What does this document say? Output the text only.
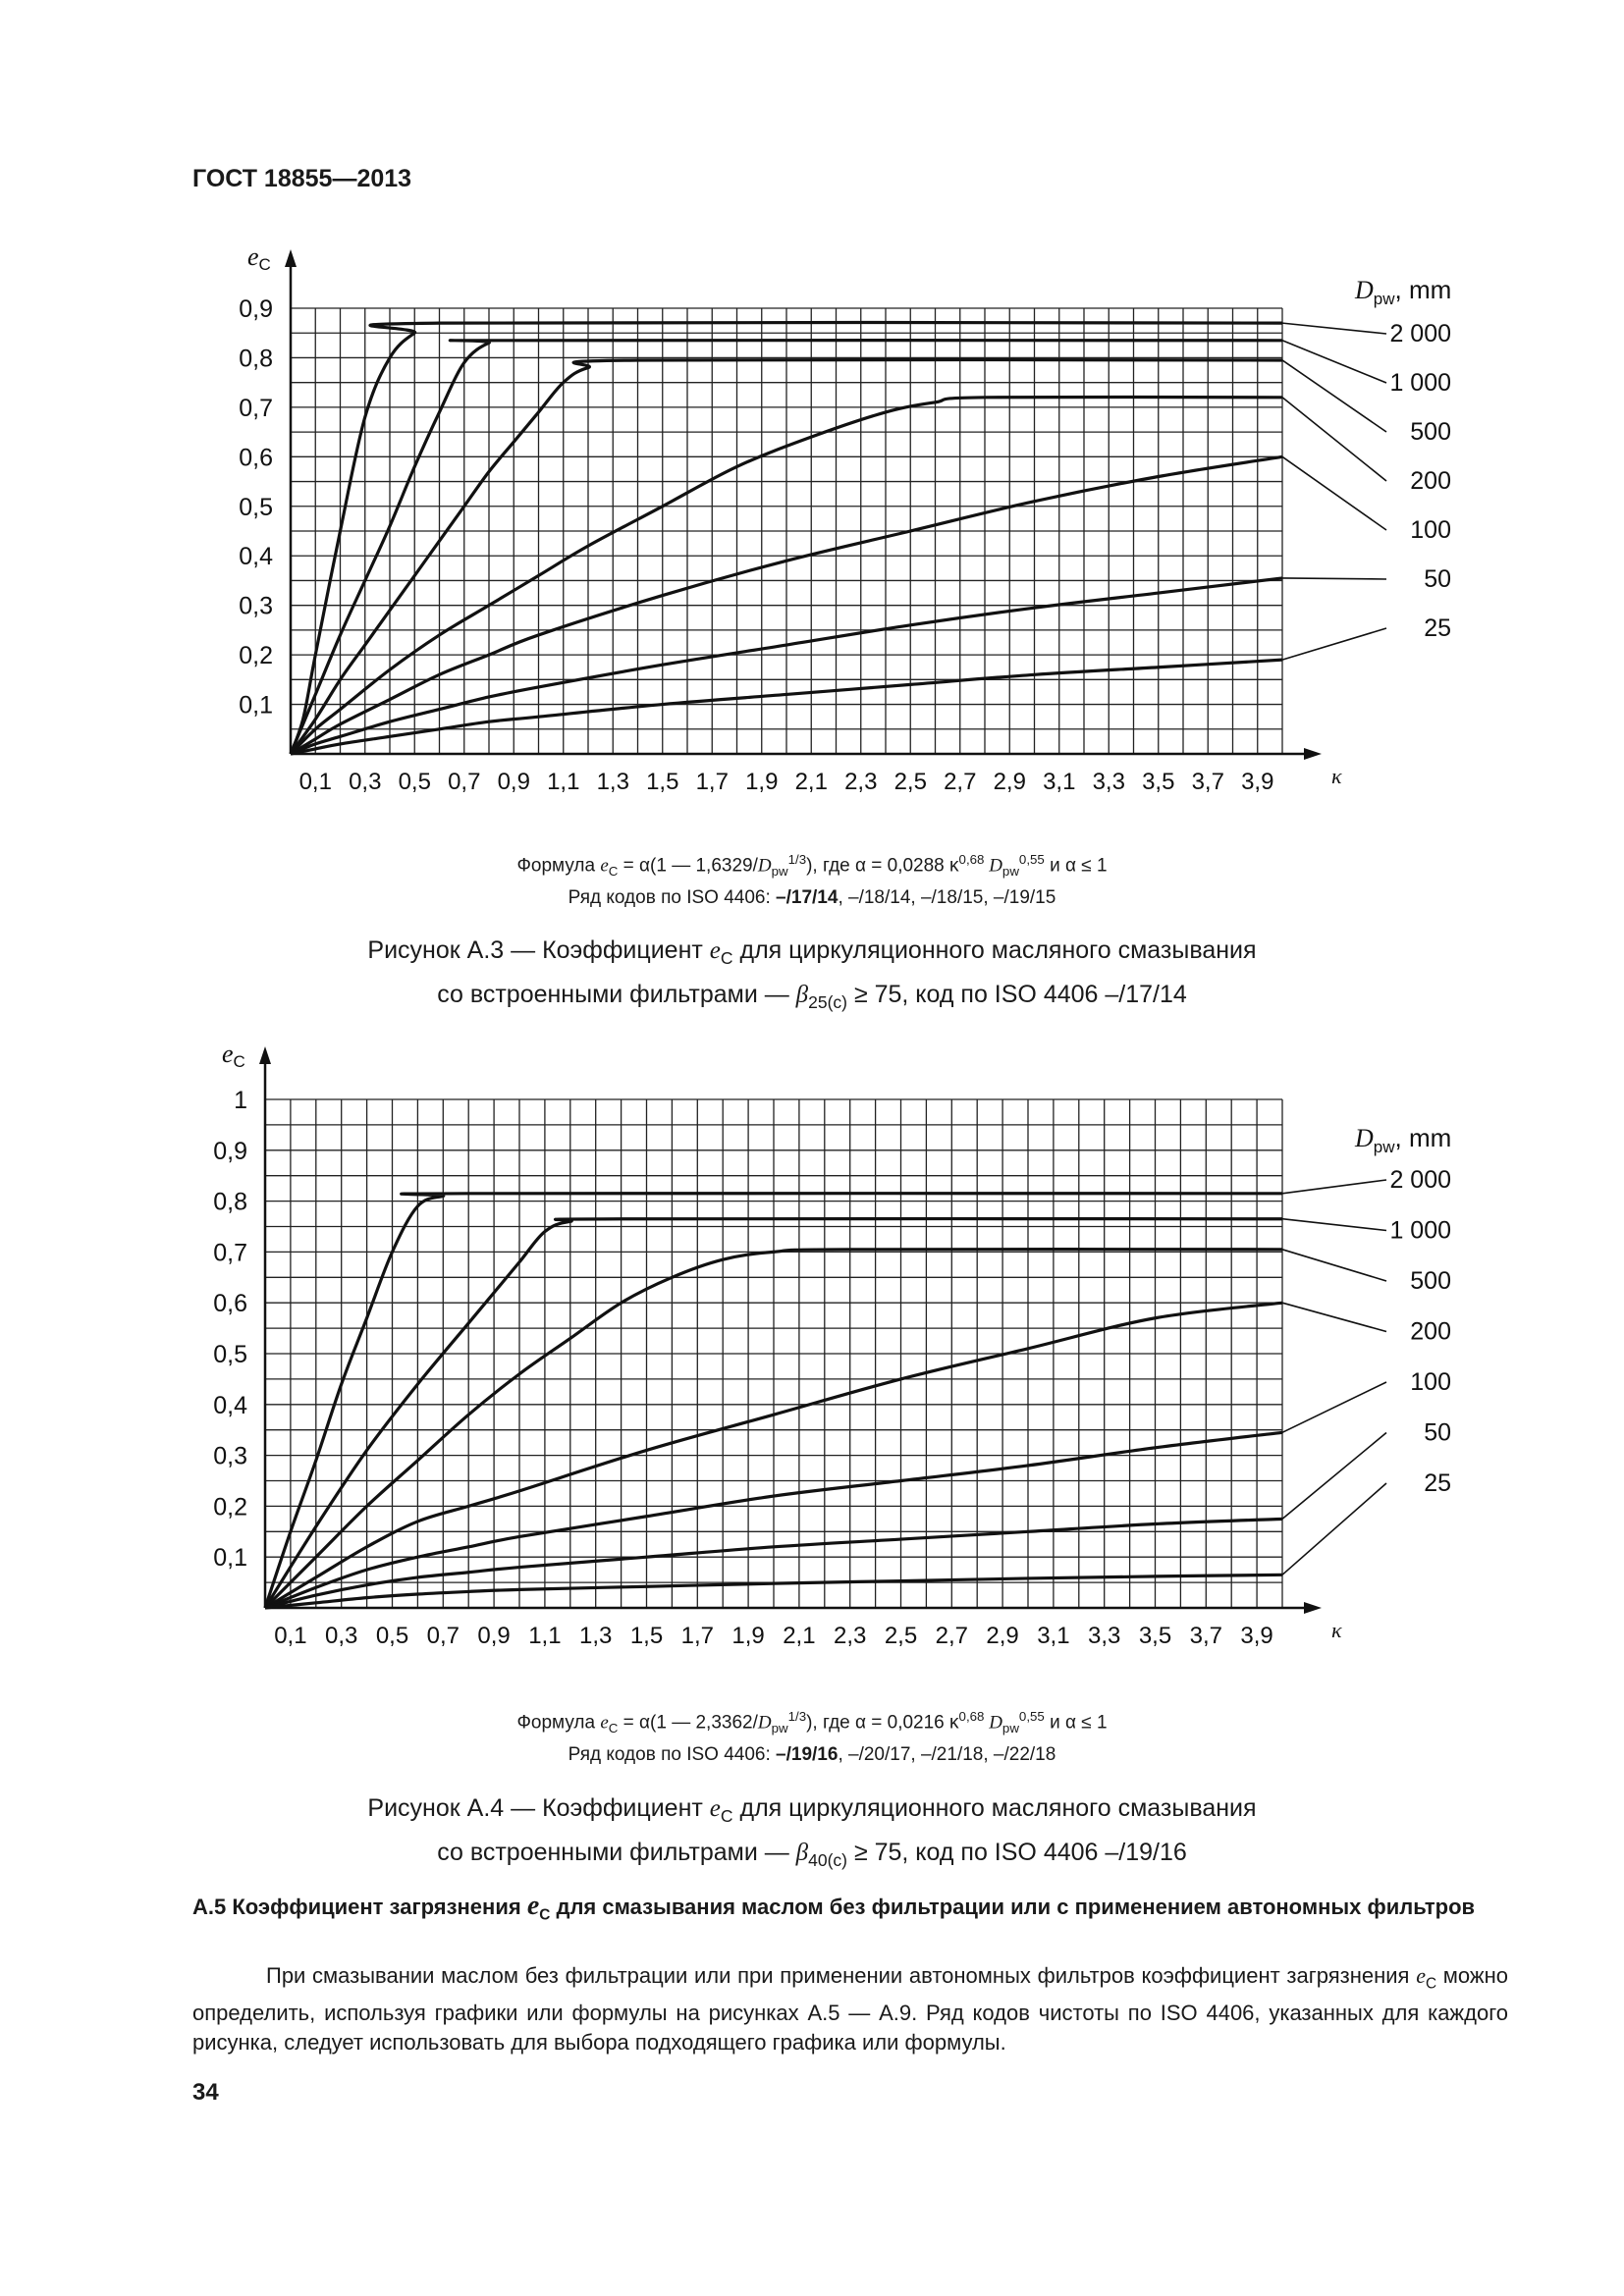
ГОСТ 18855—2013
eC
0,1
0,2
0,3
0,4
0,5
0,6
0,7
0,8
0,9
0,1 0,3 0,5 0,7 0,9 1,1 1,3 1,5 1,7 1,9 2,1 2,3 2,5 2,7 2,9 3,1 3,3 3,5 3,7 3,9	κ
$D_{pw}$, mm
2 000
1 000
500
200
100
50
25
Формула $e_C = \alpha(1$ — $1,6329/D_{pw}^{1/3}$), где α = 0,0288 $\kappa^{0,68}$ $D_{pw}^{0,55}$ и α ≤ 1
Ряд кодов по ISO 4406: –/17/14, –/18/14, –/18/15, –/19/15
Рисунок А.3 — Коэффициент $e_C$ для циркуляционного масляного смазывания
со встроенными фильтрами — $\beta_{25(c)} \ge 75$, код по ISO 4406 –/17/14
eC
0,1
0,2
0,3
0,4
0,5
0,6
0,7
0,8
0,9
1
0,1 0,3 0,5 0,7 0,9 1,1 1,3 1,5 1,7 1,9 2,1 2,3 2,5 2,7 2,9 3,1 3,3 3,5 3,7 3,9	κ
$D_{pw}$, mm
2 000
1 000
500
200
100
50
25
Формула $e_C = \alpha(1$ — $2,3362/D_{pw}^{1/3}$), где α = 0,0216 $\kappa^{0,68}$ $D_{pw}^{0,55}$ и α ≤ 1
Ряд кодов по ISO 4406: –/19/16, –/20/17, –/21/18, –/22/18
Рисунок А.4 — Коэффициент $e_C$ для циркуляционного масляного смазывания
со встроенными фильтрами — $\beta_{40(c)} \ge 75$, код по ISO 4406 –/19/16
А.5 Коэффициент загрязнения $e_C$ для смазывания маслом без фильтрации или с применением автономных фильтров
При смазывании маслом без фильтрации или при применении автономных фильтров коэффициент загрязнения $e_C$ можно определить, используя графики или формулы на рисунках А.5 — А.9. Ряд кодов чистоты по ISO 4406, указанных для каждого рисунка, следует использовать для выбора подходящего графика или формулы.
34
